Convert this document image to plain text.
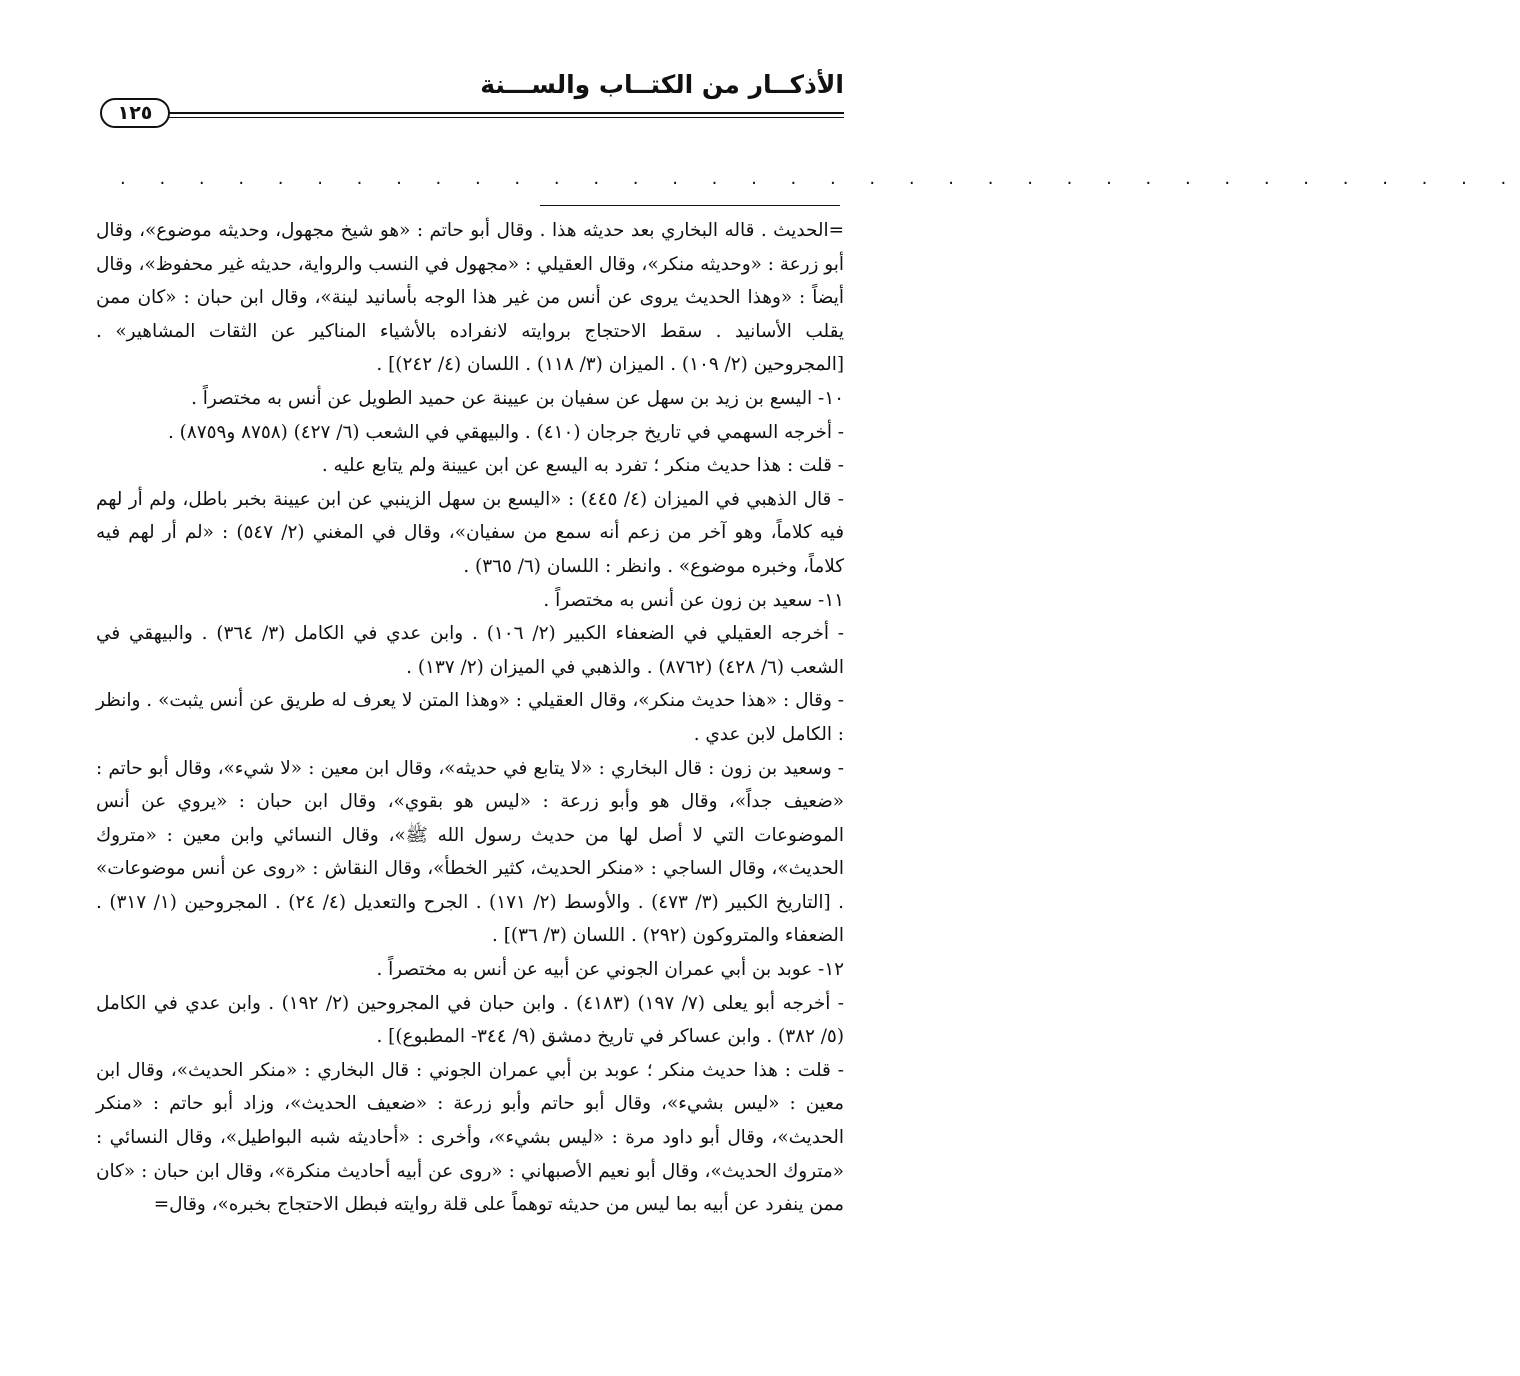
الأذكــار من الكتــاب والســـنة
١٢٥
. . . . . . . . . . . . . . . . . . . . . . . . . . . . . . . . . . . .

=الحديث . قاله البخاري بعد حديثه هذا . وقال أبو حاتم : «هو شيخ مجهول، وحديثه موضوع»، وقال أبو زرعة : «وحديثه منكر»، وقال العقيلي : «مجهول في النسب والرواية، حديثه غير محفوظ»، وقال أيضاً : «وهذا الحديث يروى عن أنس من غير هذا الوجه بأسانيد لينة»، وقال ابن حبان : «كان ممن يقلب الأسانيد . سقط الاحتجاج بروايته لانفراده بالأشياء المناكير عن الثقات المشاهير» . [المجروحين (٢/ ١٠٩) . الميزان (٣/ ١١٨) . اللسان (٤/ ٢٤٢)] .

١٠- اليسع بن زيد بن سهل عن سفيان بن عيينة عن حميد الطويل عن أنس به مختصراً .

- أخرجه السهمي في تاريخ جرجان (٤١٠) . والبيهقي في الشعب (٦/ ٤٢٧) (٨٧٥٨ و٨٧٥٩) .

- قلت : هذا حديث منكر ؛ تفرد به اليسع عن ابن عيينة ولم يتابع عليه .

- قال الذهبي في الميزان (٤/ ٤٤٥) : «اليسع بن سهل الزينبي عن ابن عيينة بخبر باطل، ولم أر لهم فيه كلاماً، وهو آخر من زعم أنه سمع من سفيان»، وقال في المغني (٢/ ٥٤٧) : «لم أر لهم فيه كلاماً، وخبره موضوع» . وانظر : اللسان (٦/ ٣٦٥) .

١١- سعيد بن زون عن أنس به مختصراً .

- أخرجه العقيلي في الضعفاء الكبير (٢/ ١٠٦) . وابن عدي في الكامل (٣/ ٣٦٤) . والبيهقي في الشعب (٦/ ٤٢٨) (٨٧٦٢) . والذهبي في الميزان (٢/ ١٣٧) .

- وقال : «هذا حديث منكر»، وقال العقيلي : «وهذا المتن لا يعرف له طريق عن أنس يثبت» . وانظر : الكامل لابن عدي .

- وسعيد بن زون : قال البخاري : «لا يتابع في حديثه»، وقال ابن معين : «لا شيء»، وقال أبو حاتم : «ضعيف جداً»، وقال هو وأبو زرعة : «ليس هو بقوي»، وقال ابن حبان : «يروي عن أنس الموضوعات التي لا أصل لها من حديث رسول الله ﷺ»، وقال النسائي وابن معين : «متروك الحديث»، وقال الساجي : «منكر الحديث، كثير الخطأ»، وقال النقاش : «روى عن أنس موضوعات» . [التاريخ الكبير (٣/ ٤٧٣) . والأوسط (٢/ ١٧١) . الجرح والتعديل (٤/ ٢٤) . المجروحين (١/ ٣١٧) . الضعفاء والمتروكون (٢٩٢) . اللسان (٣/ ٣٦)] .

١٢- عوبد بن أبي عمران الجوني عن أبيه عن أنس به مختصراً .

- أخرجه أبو يعلى (٧/ ١٩٧) (٤١٨٣) . وابن حبان في المجروحين (٢/ ١٩٢) . وابن عدي في الكامل (٥/ ٣٨٢) . وابن عساكر في تاريخ دمشق (٩/ ٣٤٤- المطبوع)] .

- قلت : هذا حديث منكر ؛ عوبد بن أبي عمران الجوني : قال البخاري : «منكر الحديث»، وقال ابن معين : «ليس بشيء»، وقال أبو حاتم وأبو زرعة : «ضعيف الحديث»، وزاد أبو حاتم : «منكر الحديث»، وقال أبو داود مرة : «ليس بشيء»، وأخرى : «أحاديثه شبه البواطيل»، وقال النسائي : «متروك الحديث»، وقال أبو نعيم الأصبهاني : «روى عن أبيه أحاديث منكرة»، وقال ابن حبان : «كان ممن ينفرد عن أبيه بما ليس من حديثه توهماً على قلة روايته فبطل الاحتجاج بخبره»، وقال=
